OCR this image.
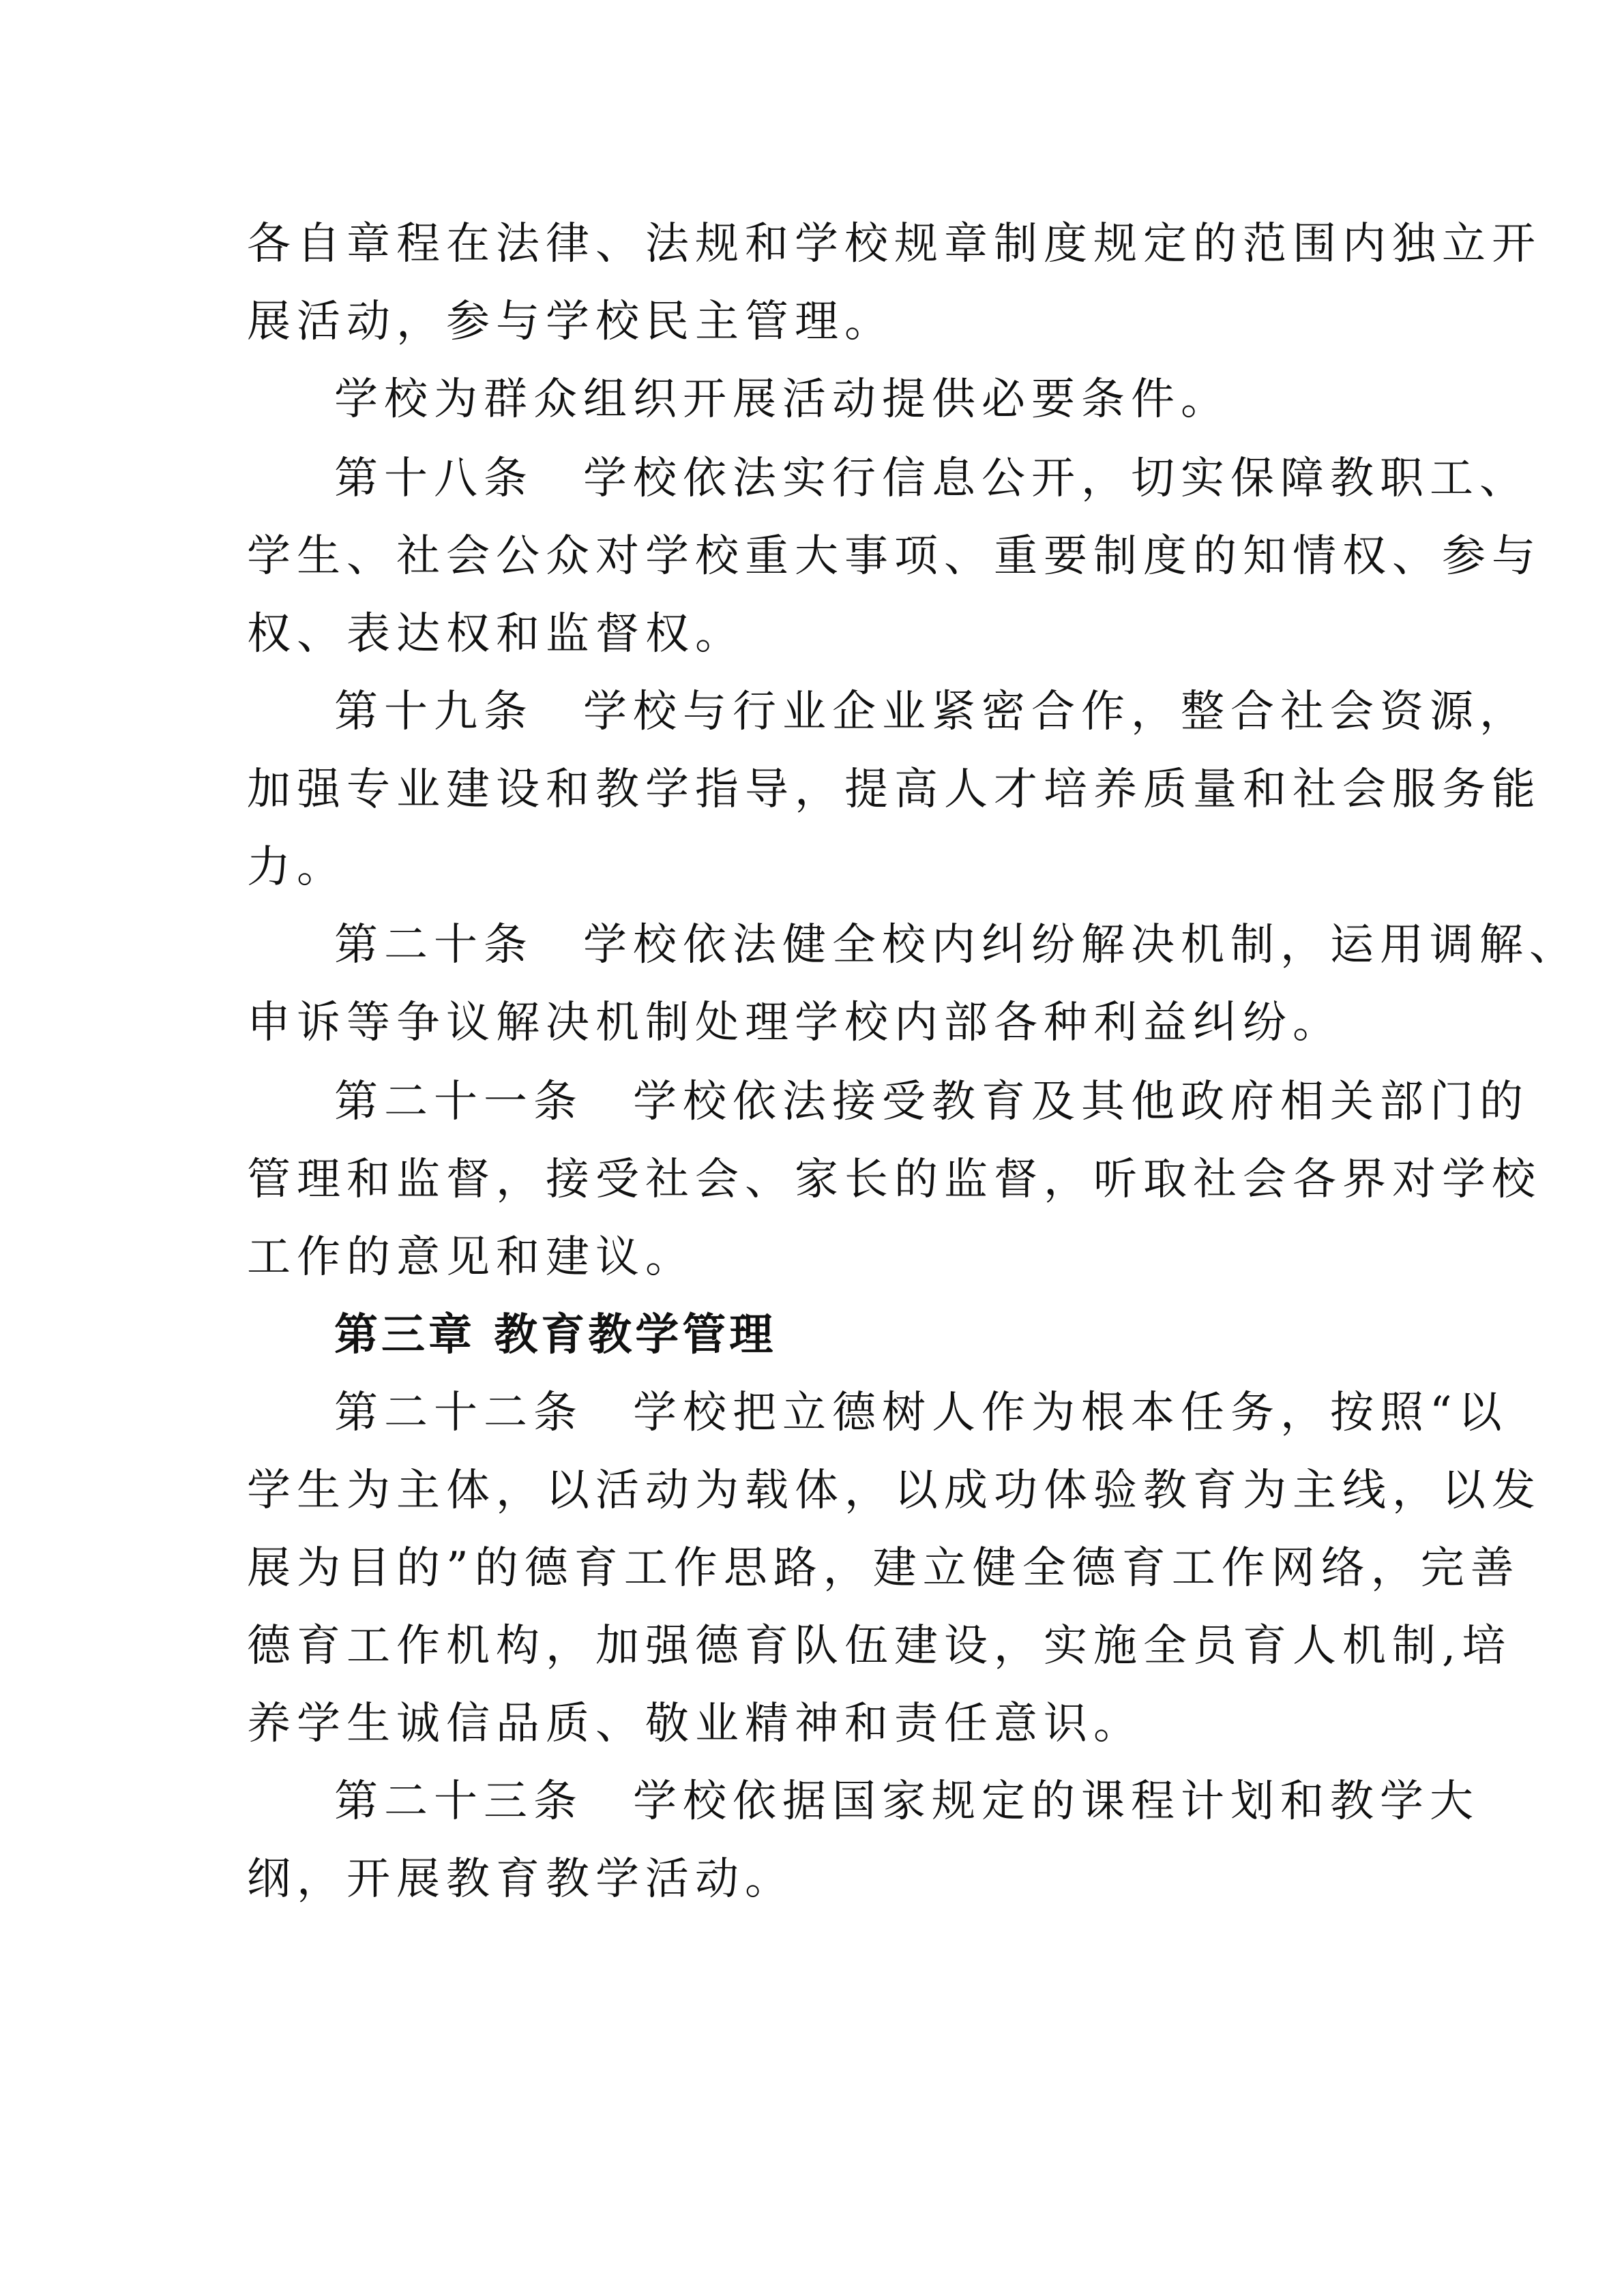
各自章程在法律、法规和学校规章制度规定的范围内独立开
展活动，参与学校民主管理。
学校为群众组织开展活动提供必要条件。
第十八条　学校依法实行信息公开，切实保障教职工、
学生、社会公众对学校重大事项、重要制度的知情权、参与
权、表达权和监督权。
第十九条　学校与行业企业紧密合作，整合社会资源，
加强专业建设和教学指导，提高人才培养质量和社会服务能
力。
第二十条　学校依法健全校内纠纷解决机制，运用调解、
申诉等争议解决机制处理学校内部各种利益纠纷。
第二十一条　学校依法接受教育及其他政府相关部门的
管理和监督，接受社会、家长的监督，听取社会各界对学校
工作的意见和建议。
第三章 教育教学管理
第二十二条　学校把立德树人作为根本任务，按照“以
学生为主体，以活动为载体，以成功体验教育为主线，以发
展为目的”的德育工作思路，建立健全德育工作网络，完善
德育工作机构，加强德育队伍建设，实施全员育人机制,培
养学生诚信品质、敬业精神和责任意识。
第二十三条　学校依据国家规定的课程计划和教学大
纲，开展教育教学活动。
